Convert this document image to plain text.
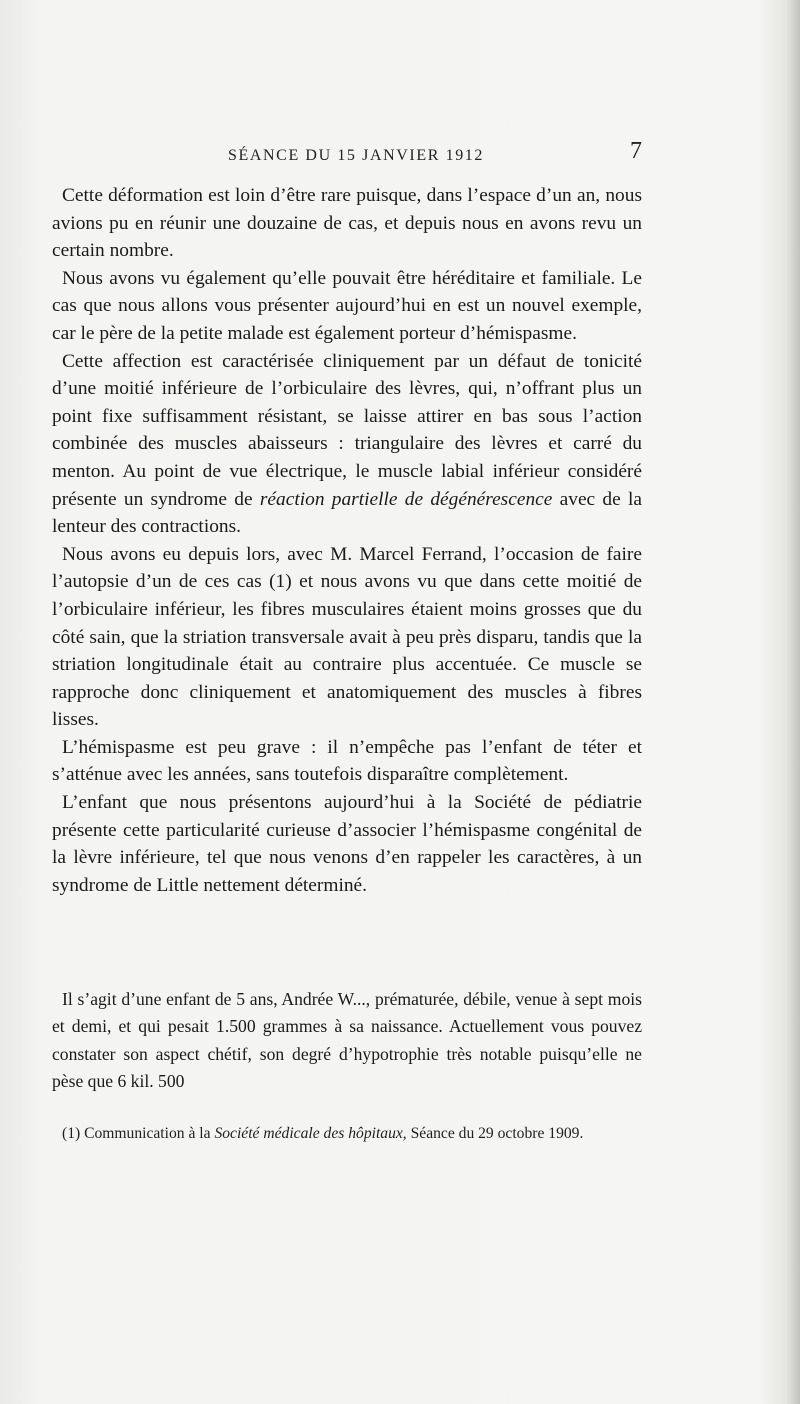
SÉANCE DU 15 JANVIER 1912	7

Cette déformation est loin d’être rare puisque, dans l’espace d’un an, nous avions pu en réunir une douzaine de cas, et depuis nous en avons revu un certain nombre.

Nous avons vu également qu’elle pouvait être héréditaire et familiale. Le cas que nous allons vous présenter aujourd’hui en est un nouvel exemple, car le père de la petite malade est également porteur d’hémispasme.

Cette affection est caractérisée cliniquement par un défaut de tonicité d’une moitié inférieure de l’orbiculaire des lèvres, qui, n’offrant plus un point fixe suffisamment résistant, se laisse attirer en bas sous l’action combinée des muscles abaisseurs : triangulaire des lèvres et carré du menton. Au point de vue électrique, le muscle labial inférieur considéré présente un syndrome de réaction partielle de dégénérescence avec de la lenteur des contractions.

Nous avons eu depuis lors, avec M. Marcel Ferrand, l’occasion de faire l’autopsie d’un de ces cas (1) et nous avons vu que dans cette moitié de l’orbiculaire inférieur, les fibres musculaires étaient moins grosses que du côté sain, que la striation transversale avait à peu près disparu, tandis que la striation longitudinale était au contraire plus accentuée. Ce muscle se rapproche donc cliniquement et anatomiquement des muscles à fibres lisses.

L’hémispasme est peu grave : il n’empêche pas l’enfant de téter et s’atténue avec les années, sans toutefois disparaître complètement.

L’enfant que nous présentons aujourd’hui à la Société de pédiatrie présente cette particularité curieuse d’associer l’hémispasme congénital de la lèvre inférieure, tel que nous venons d’en rappeler les caractères, à un syndrome de Little nettement déterminé.

Il s’agit d’une enfant de 5 ans, Andrée W..., prématurée, débile, venue à sept mois et demi, et qui pesait 1.500 grammes à sa naissance. Actuellement vous pouvez constater son aspect chétif, son degré d’hypotrophie très notable puisqu’elle ne pèse que 6 kil. 500

(1) Communication à la Société médicale des hôpitaux, Séance du 29 octobre 1909.
